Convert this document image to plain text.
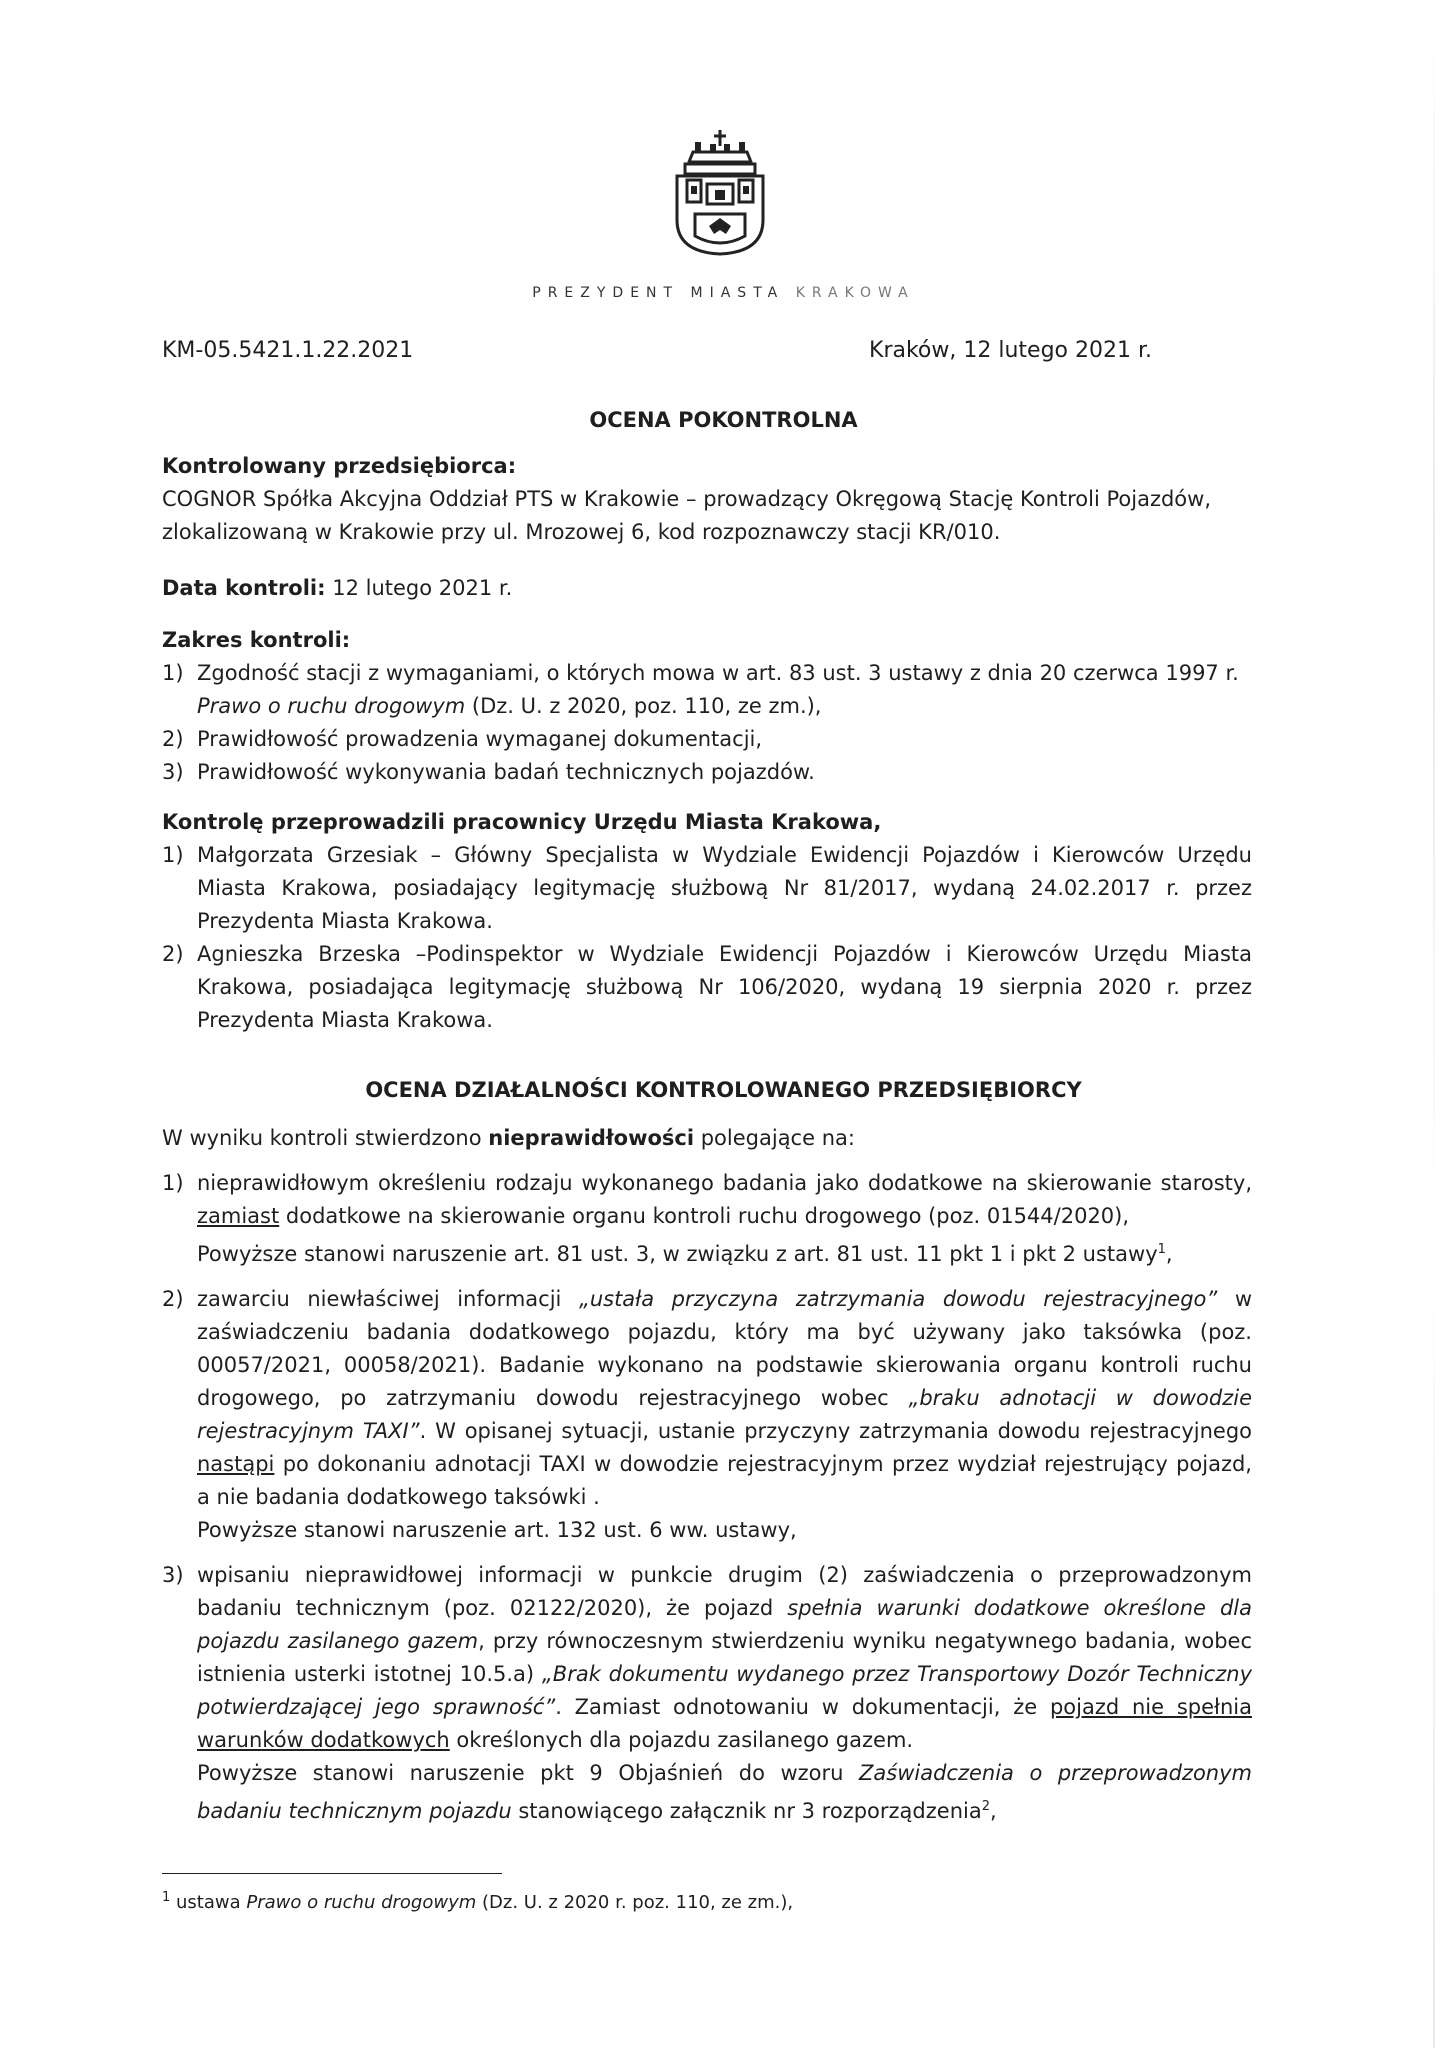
PREZYDENT MIASTA KRAKOWA
KM-05.5421.1.22.2021	Kraków, 12 lutego 2021 r.
OCENA POKONTROLNA
Kontrolowany przedsiębiorca:
COGNOR Spółka Akcyjna Oddział PTS w Krakowie – prowadzący Okręgową Stację Kontroli Pojazdów, zlokalizowaną w Krakowie przy ul. Mrozowej 6, kod rozpoznawczy stacji KR/010.
Data kontroli: 12 lutego 2021 r.
Zakres kontroli:
1) Zgodność stacji z wymaganiami, o których mowa w art. 83 ust. 3 ustawy z dnia 20 czerwca 1997 r. Prawo o ruchu drogowym (Dz. U. z 2020, poz. 110, ze zm.),
2) Prawidłowość prowadzenia wymaganej dokumentacji,
3) Prawidłowość wykonywania badań technicznych pojazdów.
Kontrolę przeprowadzili pracownicy Urzędu Miasta Krakowa,
1) Małgorzata Grzesiak – Główny Specjalista w Wydziale Ewidencji Pojazdów i Kierowców Urzędu Miasta Krakowa, posiadający legitymację służbową Nr 81/2017, wydaną 24.02.2017 r. przez Prezydenta Miasta Krakowa.
2) Agnieszka Brzeska –Podinspektor w Wydziale Ewidencji Pojazdów i Kierowców Urzędu Miasta Krakowa, posiadająca legitymację służbową Nr 106/2020, wydaną 19 sierpnia 2020 r. przez Prezydenta Miasta Krakowa.
OCENA DZIAŁALNOŚCI KONTROLOWANEGO PRZEDSIĘBIORCY
W wyniku kontroli stwierdzono nieprawidłowości polegające na:
1) nieprawidłowym określeniu rodzaju wykonanego badania jako dodatkowe na skierowanie starosty, zamiast dodatkowe na skierowanie organu kontroli ruchu drogowego (poz. 01544/2020),
Powyższe stanowi naruszenie art. 81 ust. 3, w związku z art. 81 ust. 11 pkt 1 i pkt 2 ustawy$^1$,
2) zawarciu niewłaściwej informacji „ustała przyczyna zatrzymania dowodu rejestracyjnego” w zaświadczeniu badania dodatkowego pojazdu, który ma być używany jako taksówka (poz. 00057/2021, 00058/2021). Badanie wykonano na podstawie skierowania organu kontroli ruchu drogowego, po zatrzymaniu dowodu rejestracyjnego wobec „braku adnotacji w dowodzie rejestracyjnym TAXI”. W opisanej sytuacji, ustanie przyczyny zatrzymania dowodu rejestracyjnego nastąpi po dokonaniu adnotacji TAXI w dowodzie rejestracyjnym przez wydział rejestrujący pojazd, a nie badania dodatkowego taksówki .
Powyższe stanowi naruszenie art. 132 ust. 6 ww. ustawy,
3) wpisaniu nieprawidłowej informacji w punkcie drugim (2) zaświadczenia o przeprowadzonym badaniu technicznym (poz. 02122/2020), że pojazd spełnia warunki dodatkowe określone dla pojazdu zasilanego gazem, przy równoczesnym stwierdzeniu wyniku negatywnego badania, wobec istnienia usterki istotnej 10.5.a) „Brak dokumentu wydanego przez Transportowy Dozór Techniczny potwierdzającej jego sprawność”. Zamiast odnotowaniu w dokumentacji, że pojazd nie spełnia warunków dodatkowych określonych dla pojazdu zasilanego gazem.
Powyższe stanowi naruszenie pkt 9 Objaśnień do wzoru Zaświadczenia o przeprowadzonym badaniu technicznym pojazdu stanowiącego załącznik nr 3 rozporządzenia$^2$,
$^1$ ustawa Prawo o ruchu drogowym (Dz. U. z 2020 r. poz. 110, ze zm.),
